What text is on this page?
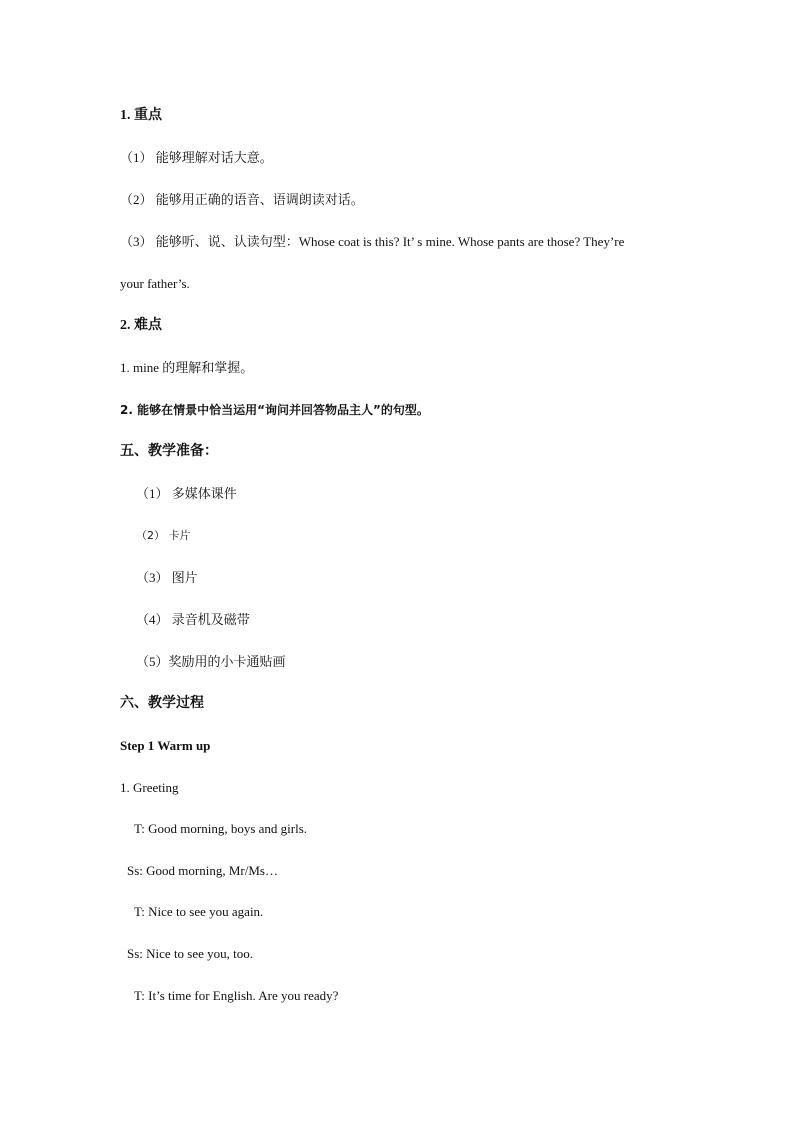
1. 重点
（1） 能够理解对话大意。
（2） 能够用正确的语音、语调朗读对话。
（3） 能够听、说、认读句型：Whose coat is this? It’ s mine. Whose pants are those? They’re
your father’s.
2. 难点
1. mine 的理解和掌握。
2. 能够在情景中恰当运用“询问并回答物品主人”的句型。
五、教学准备：
（1） 多媒体课件
（2） 卡片
（3） 图片
（4） 录音机及磁带
（5）奖励用的小卡通贴画
六、教学过程
Step 1 Warm up
1. Greeting
T: Good morning, boys and girls.
Ss: Good morning, Mr/Ms…
T: Nice to see you again.
Ss: Nice to see you, too.
T: It’s time for English. Are you ready?
